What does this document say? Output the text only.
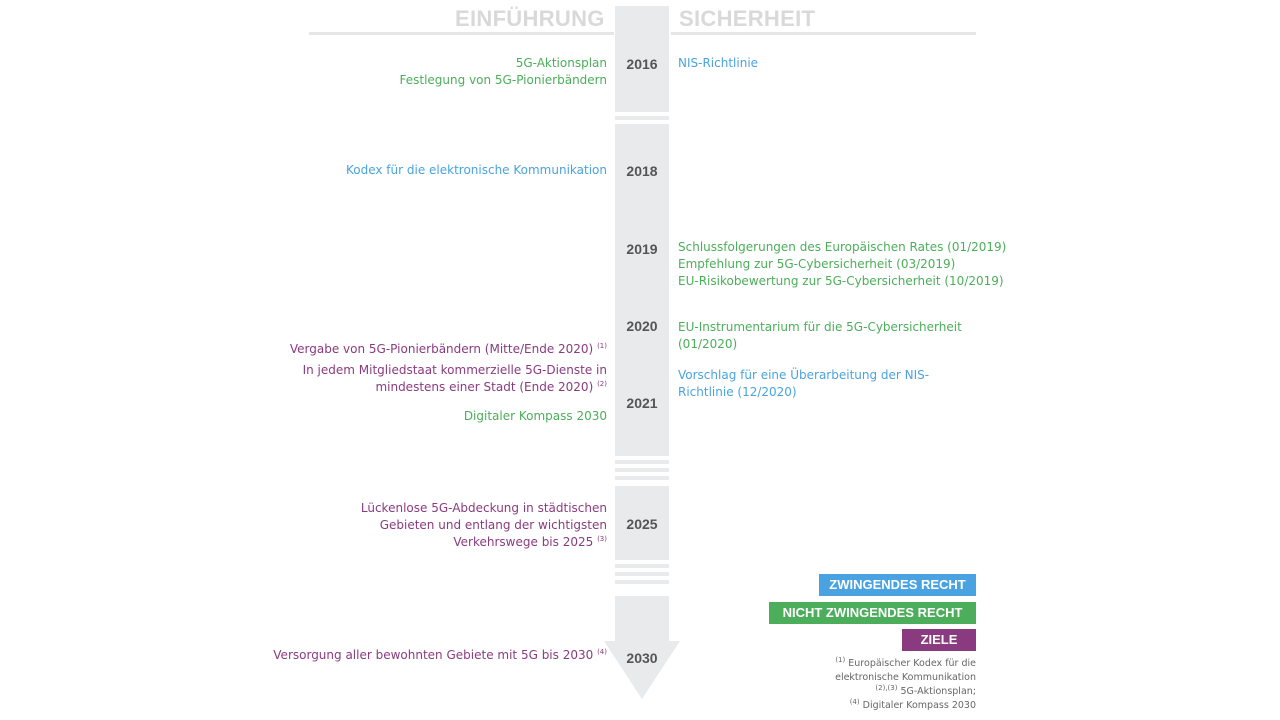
EINFÜHRUNG	SICHERHEIT
2016
2018
2019
2020
2021
2025
2030
5G-Aktionsplan
Festlegung von 5G-Pionierbändern
Kodex für die elektronische Kommunikation
Vergabe von 5G-Pionierbändern (Mitte/Ende 2020) $^{(1)}$
In jedem Mitgliedstaat kommerzielle 5G-Dienste in
mindestens einer Stadt (Ende 2020) $^{(2)}$
Digitaler Kompass 2030
Lückenlose 5G-Abdeckung in städtischen
Gebieten und entlang der wichtigsten
Verkehrswege bis 2025 $^{(3)}$
Versorgung aller bewohnten Gebiete mit 5G bis 2030 $^{(4)}$
NIS-Richtlinie
Schlussfolgerungen des Europäischen Rates (01/2019)
Empfehlung zur 5G-Cybersicherheit (03/2019)
EU-Risikobewertung zur 5G-Cybersicherheit (10/2019)
EU-Instrumentarium für die 5G-Cybersicherheit
(01/2020)
Vorschlag für eine Überarbeitung der NIS-
Richtlinie (12/2020)
ZWINGENDES RECHT
NICHT ZWINGENDES RECHT
ZIELE
$^{(1)}$ Europäischer Kodex für die
elektronische Kommunikation
$^{(2),(3)}$ 5G-Aktionsplan;
$^{(4)}$ Digitaler Kompass 2030
